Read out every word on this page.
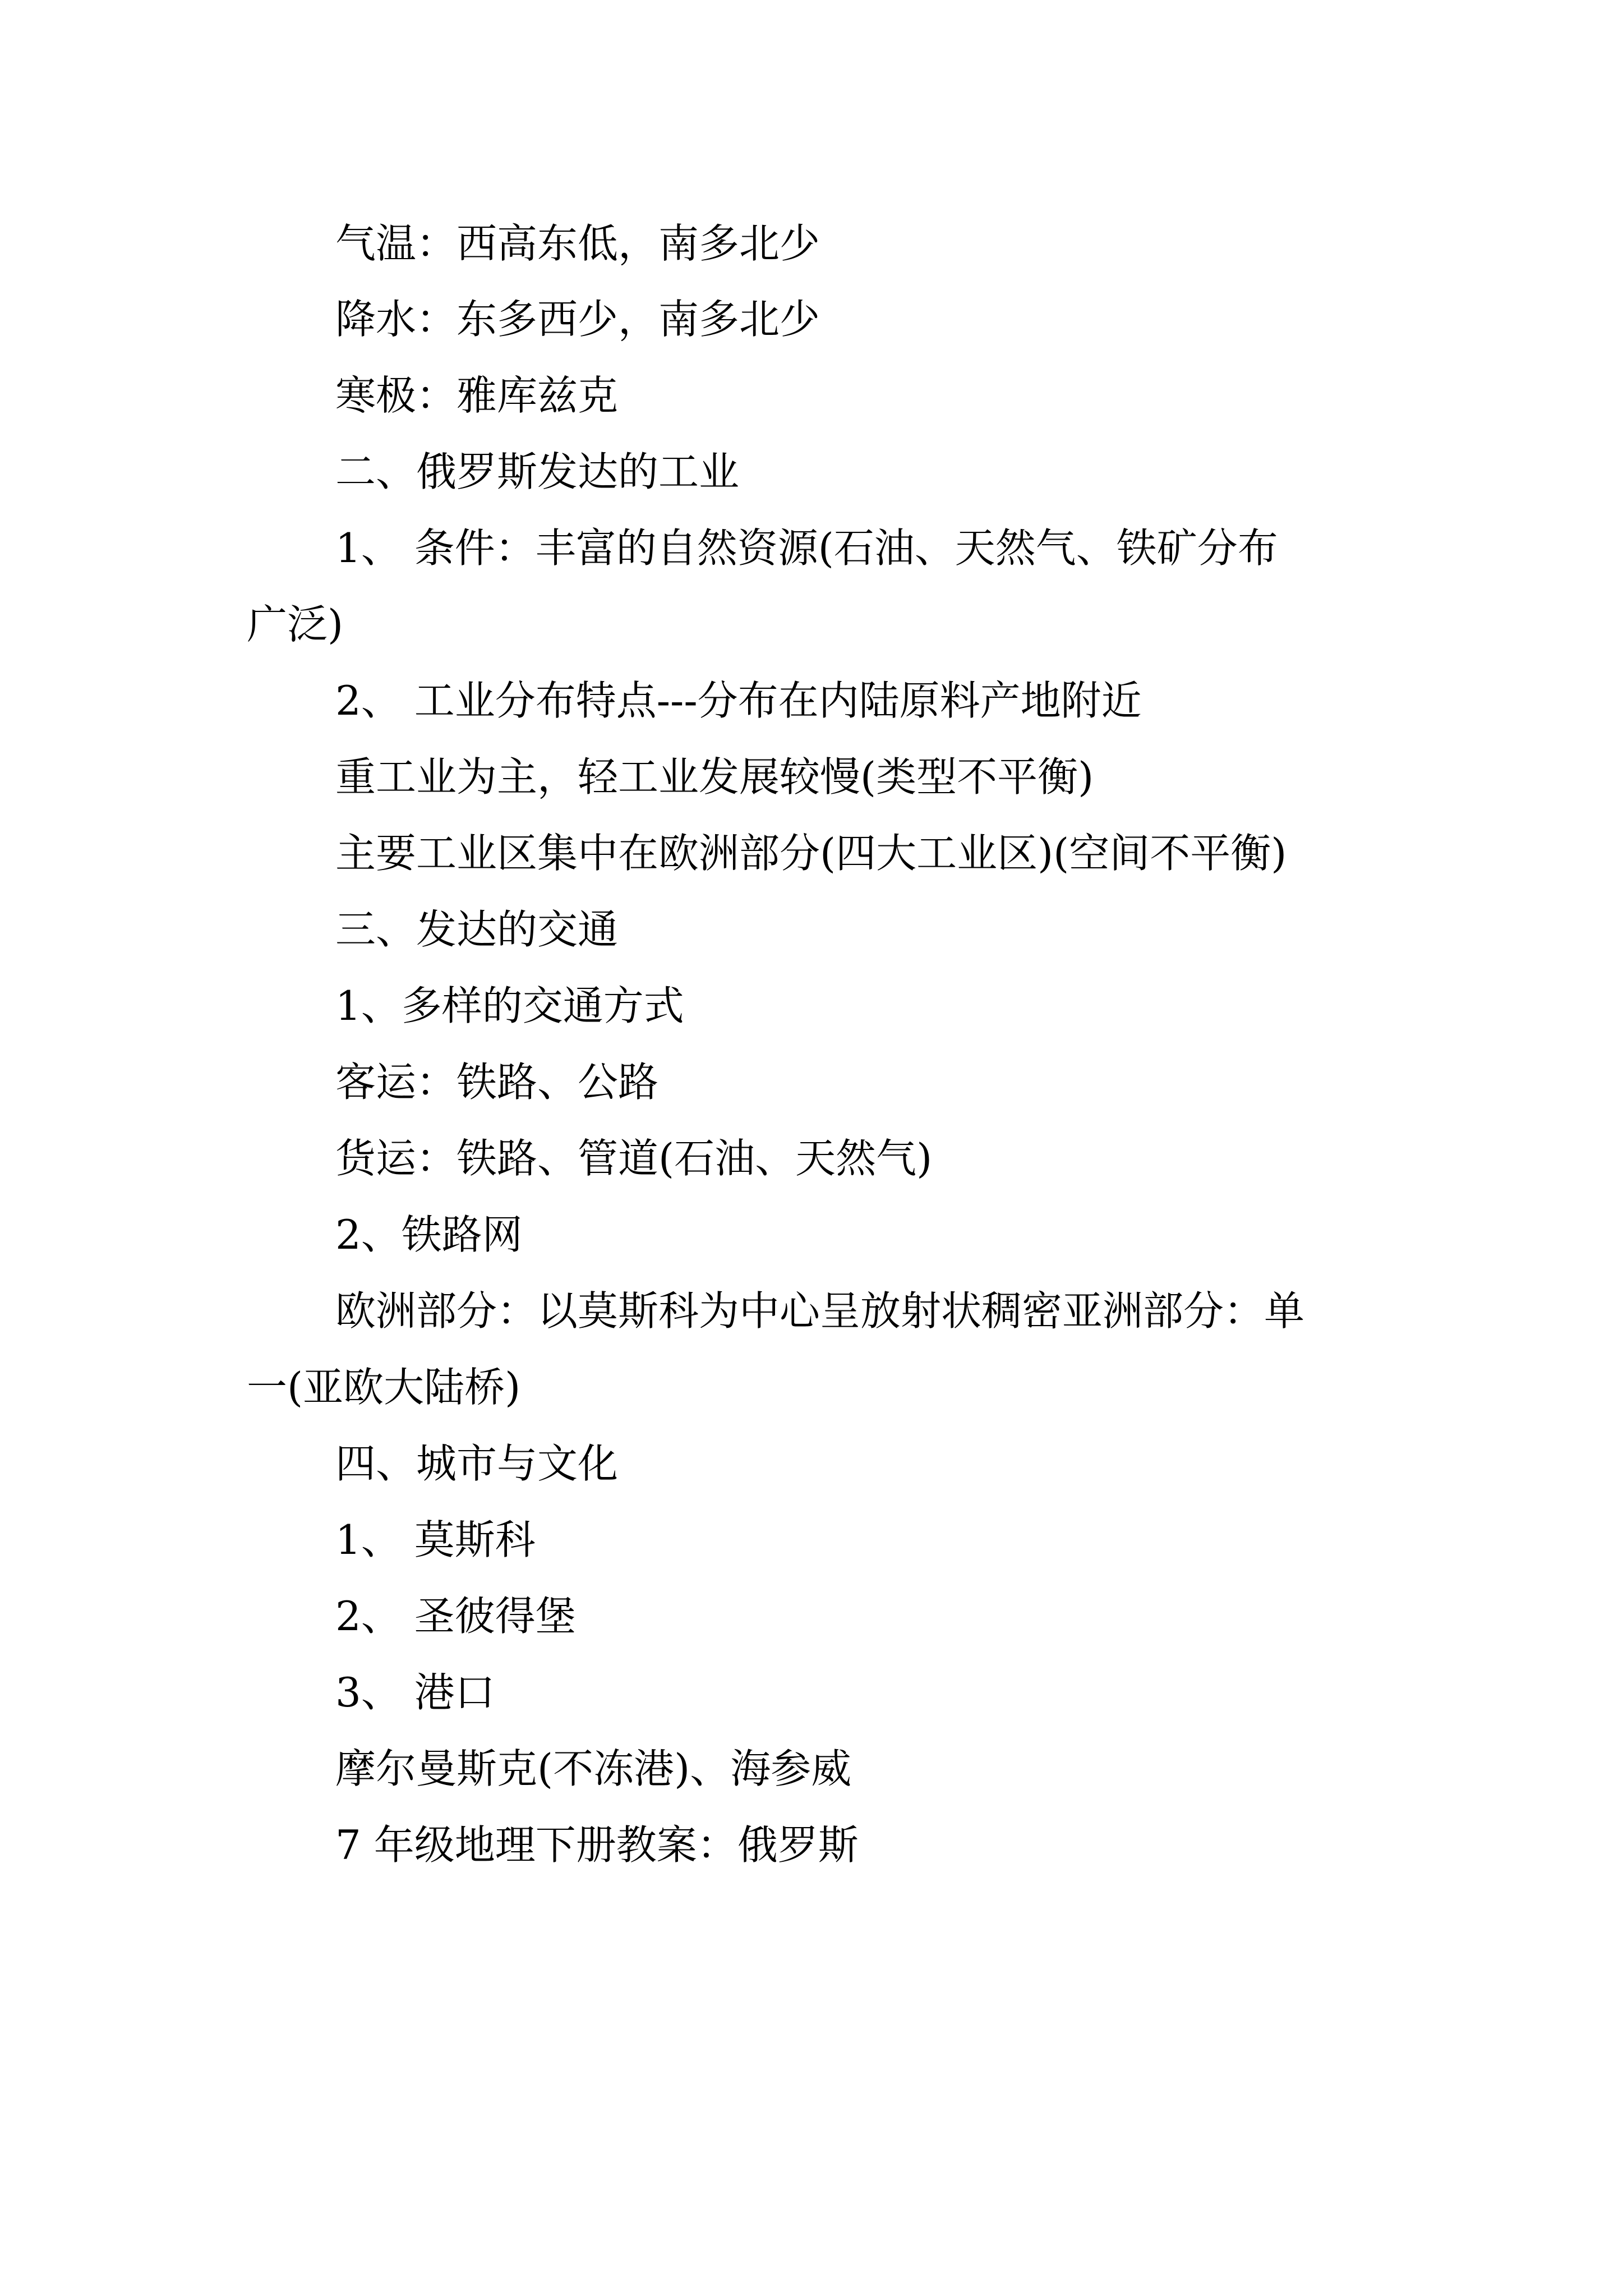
气温：西高东低，南多北少
降水：东多西少，南多北少
寒极：雅库兹克
二、俄罗斯发达的工业
1、 条件：丰富的自然资源(石油、天然气、铁矿分布
广泛)
2、 工业分布特点---分布在内陆原料产地附近
重工业为主，轻工业发展较慢(类型不平衡)
主要工业区集中在欧洲部分(四大工业区)(空间不平衡)
三、发达的交通
1、多样的交通方式
客运：铁路、公路
货运：铁路、管道(石油、天然气)
2、铁路网
欧洲部分：以莫斯科为中心呈放射状稠密亚洲部分：单
一(亚欧大陆桥)
四、城市与文化
1、 莫斯科
2、 圣彼得堡
3、 港口
摩尔曼斯克(不冻港)、海参威
7 年级地理下册教案：俄罗斯
